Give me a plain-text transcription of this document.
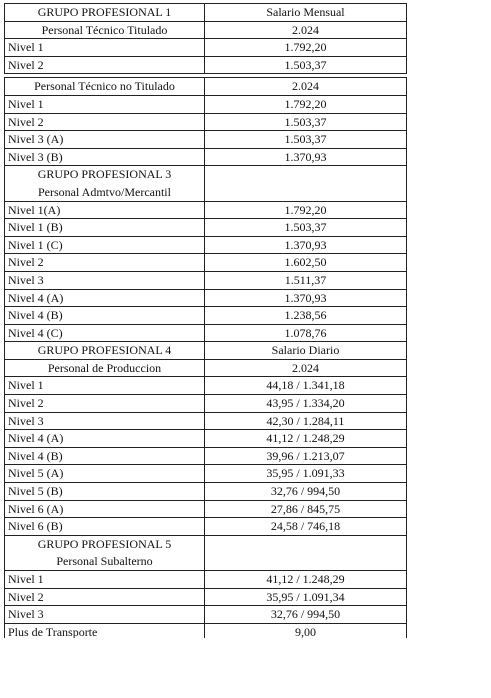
GRUPO PROFESIONAL 1	Salario Mensual
Personal Técnico Titulado	2.024
Nivel 1	1.792,20
Nivel 2	1.503,37
Personal Técnico no Titulado	2.024
Nivel 1	1.792,20
Nivel 2	1.503,37
Nivel 3 (A)	1.503,37
Nivel 3 (B)	1.370,93
GRUPO PROFESIONAL 3
Personal Admtvo/Mercantil
Nivel 1(A)	1.792,20
Nivel 1 (B)	1.503,37
Nivel 1 (C)	1.370,93
Nivel 2	1.602,50
Nivel 3	1.511,37
Nivel 4 (A)	1.370,93
Nivel 4 (B)	1.238,56
Nivel 4 (C)	1.078,76
GRUPO PROFESIONAL 4	Salario Diario
Personal de Produccion	2.024
Nivel 1	44,18 / 1.341,18
Nivel 2	43,95 / 1.334,20
Nivel 3	42,30 / 1.284,11
Nivel 4 (A)	41,12 / 1.248,29
Nivel 4 (B)	39,96 / 1.213,07
Nivel 5 (A)	35,95 / 1.091,33
Nivel 5 (B)	32,76 / 994,50
Nivel 6 (A)	27,86 / 845,75
Nivel 6 (B)	24,58 / 746,18
GRUPO PROFESIONAL 5
Personal Subalterno
Nivel 1	41,12 / 1.248,29
Nivel 2	35,95 / 1.091,34
Nivel 3	32,76 / 994,50
Plus de Transporte	9,00
